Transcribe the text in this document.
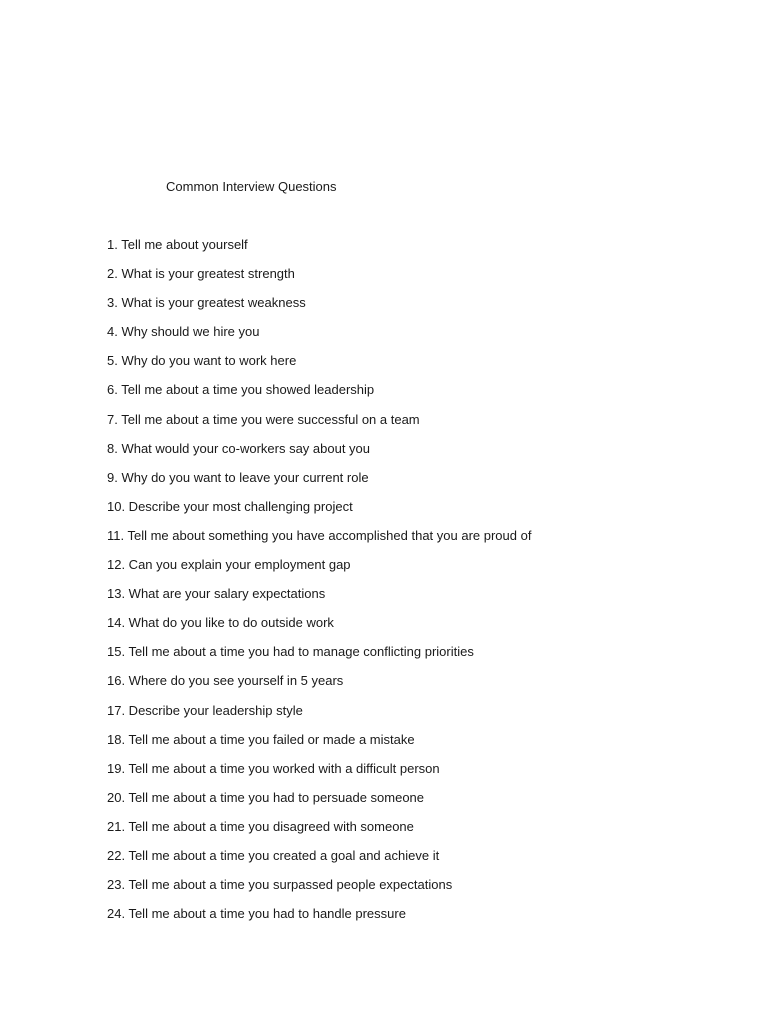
Common Interview Questions
1. Tell me about yourself
2. What is your greatest strength
3. What is your greatest weakness
4. Why should we hire you
5. Why do you want to work here
6. Tell me about a time you showed leadership
7. Tell me about a time you were successful on a team
8. What would your co-workers say about you
9. Why do you want to leave your current role
10. Describe your most challenging project
11. Tell me about something you have accomplished that you are proud of
12. Can you explain your employment gap
13. What are your salary expectations
14. What do you like to do outside work
15. Tell me about a time you had to manage conflicting priorities
16. Where do you see yourself in 5 years
17. Describe your leadership style
18. Tell me about a time you failed or made a mistake
19. Tell me about a time you worked with a difficult person
20. Tell me about a time you had to persuade someone
21. Tell me about a time you disagreed with someone
22. Tell me about a time you created a goal and achieve it
23. Tell me about a time you surpassed people expectations
24. Tell me about a time you had to handle pressure
